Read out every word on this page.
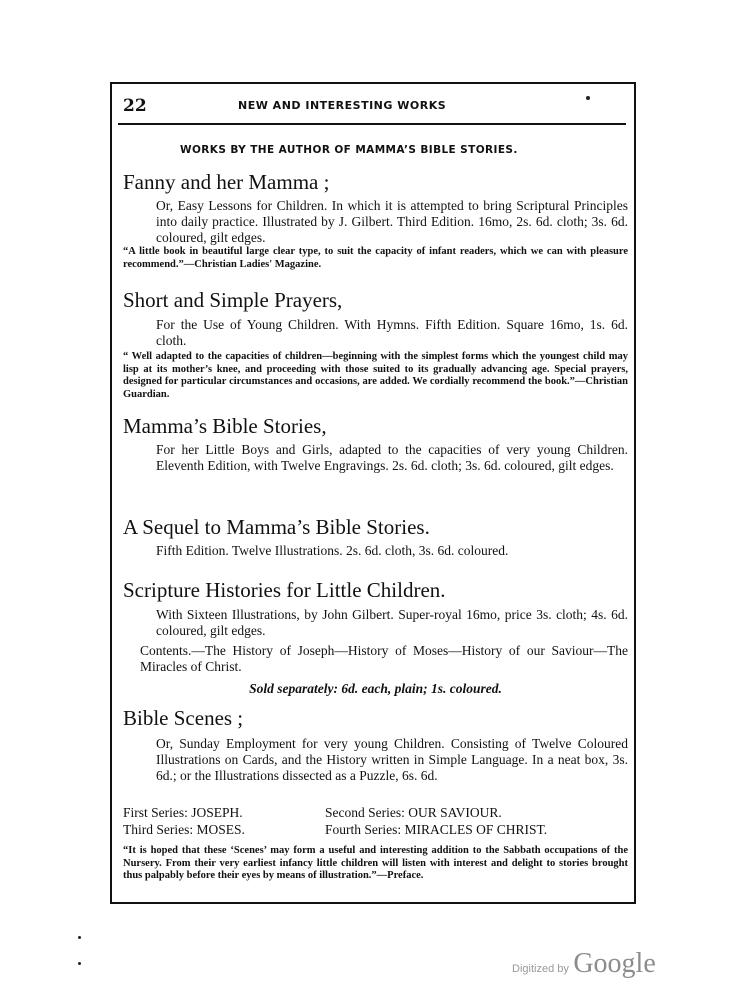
22	NEW AND INTERESTING WORKS
WORKS BY THE AUTHOR OF MAMMA’S BIBLE STORIES.
Fanny and her Mamma ;
Or, Easy Lessons for Children. In which it is attempted to bring Scriptural Principles into daily practice. Illustrated by J. Gilbert. Third Edition. 16mo, 2s. 6d. cloth; 3s. 6d. coloured, gilt edges.
“A little book in beautiful large clear type, to suit the capacity of infant readers, which we can with pleasure recommend.”—Christian Ladies' Magazine.
Short and Simple Prayers,
For the Use of Young Children. With Hymns. Fifth Edition. Square 16mo, 1s. 6d. cloth.
“ Well adapted to the capacities of children—beginning with the simplest forms which the youngest child may lisp at its mother’s knee, and proceeding with those suited to its gradually advancing age. Special prayers, designed for particular circumstances and occasions, are added. We cordially recommend the book.”—Christian Guardian.
Mamma’s Bible Stories,
For her Little Boys and Girls, adapted to the capacities of very young Children. Eleventh Edition, with Twelve Engravings. 2s. 6d. cloth; 3s. 6d. coloured, gilt edges.
A Sequel to Mamma’s Bible Stories.
Fifth Edition. Twelve Illustrations. 2s. 6d. cloth, 3s. 6d. coloured.
Scripture Histories for Little Children.
With Sixteen Illustrations, by John Gilbert. Super-royal 16mo, price 3s. cloth; 4s. 6d. coloured, gilt edges.
Contents.—The History of Joseph—History of Moses—History of our Saviour—The Miracles of Christ.
Sold separately: 6d. each, plain; 1s. coloured.
Bible Scenes ;
Or, Sunday Employment for very young Children. Consisting of Twelve Coloured Illustrations on Cards, and the History written in Simple Language. In a neat box, 3s. 6d.; or the Illustrations dissected as a Puzzle, 6s. 6d.
First Series: JOSEPH.	Second Series: OUR SAVIOUR.
Third Series: MOSES.	Fourth Series: MIRACLES OF CHRIST.
“It is hoped that these ‘Scenes’ may form a useful and interesting addition to the Sabbath occupations of the Nursery. From their very earliest infancy little children will listen with interest and delight to stories brought thus palpably before their eyes by means of illustration.”—Preface.
Digitized by Google
